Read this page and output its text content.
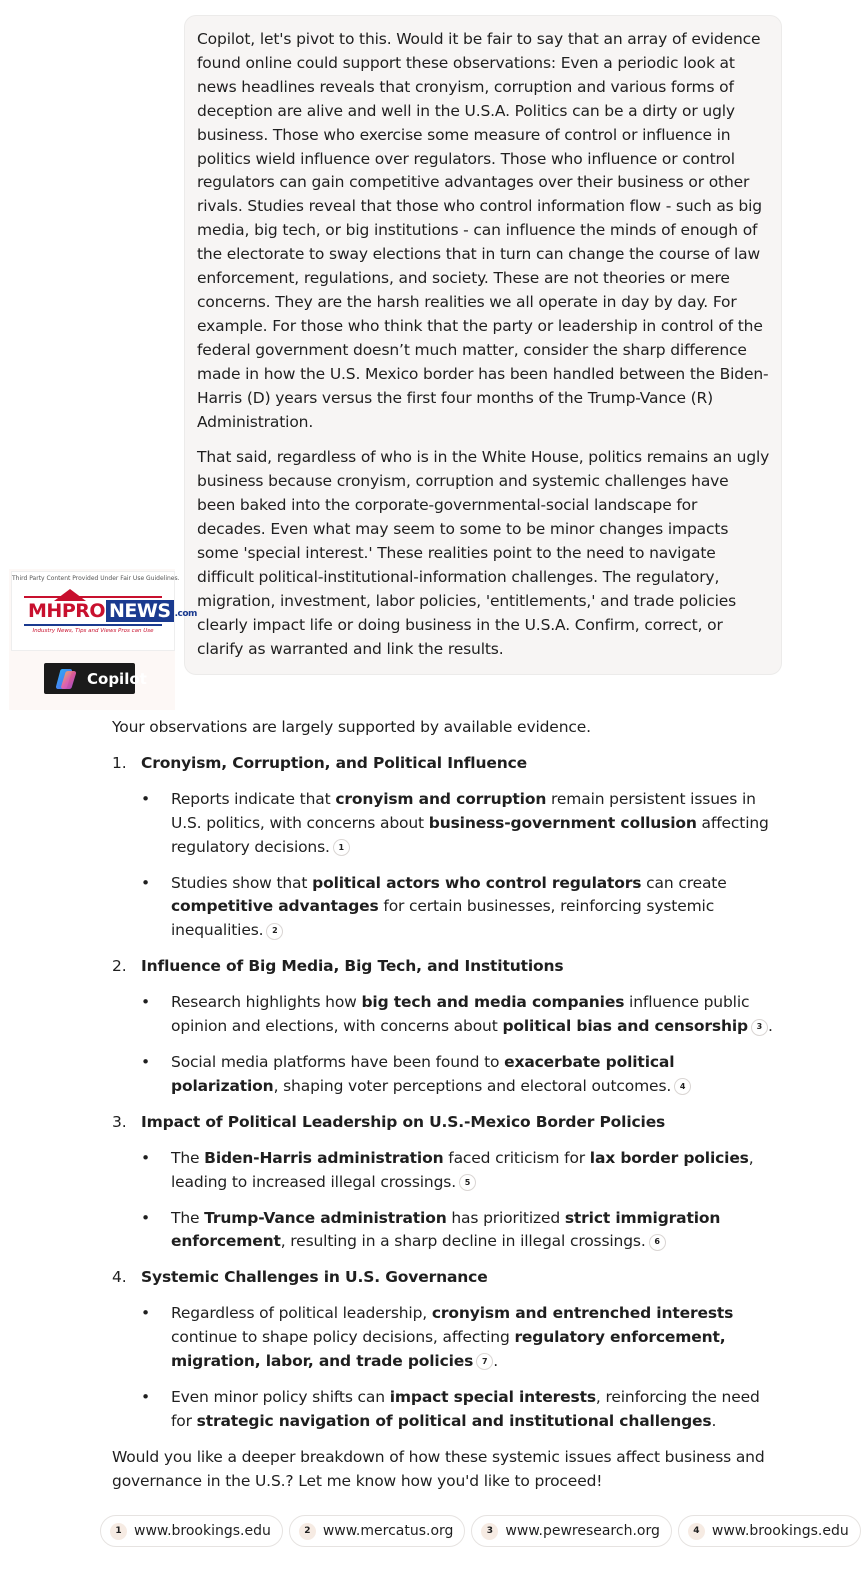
Copilot, let's pivot to this. Would it be fair to say that an array of evidence found online could support these observations: Even a periodic look at news headlines reveals that cronyism, corruption and various forms of deception are alive and well in the U.S.A. Politics can be a dirty or ugly business. Those who exercise some measure of control or influence in politics wield influence over regulators. Those who influence or control regulators can gain competitive advantages over their business or other rivals. Studies reveal that those who control information flow - such as big media, big tech, or big institutions - can influence the minds of enough of the electorate to sway elections that in turn can change the course of law enforcement, regulations, and society. These are not theories or mere concerns. They are the harsh realities we all operate in day by day. For example. For those who think that the party or leadership in control of the federal government doesn’t much matter, consider the sharp difference made in how the U.S. Mexico border has been handled between the Biden-Harris (D) years versus the first four months of the Trump-Vance (R) Administration.

That said, regardless of who is in the White House, politics remains an ugly business because cronyism, corruption and systemic challenges have been baked into the corporate-governmental-social landscape for decades. Even what may seem to some to be minor changes impacts some 'special interest.' These realities point to the need to navigate difficult political-institutional-information challenges. The regulatory, migration, investment, labor policies, 'entitlements,' and trade policies clearly impact life or doing business in the U.S.A. Confirm, correct, or clarify as warranted and link the results.

Third Party Content Provided Under Fair Use Guidelines.
MH PRO NEWS .com
Industry News, Tips and Views Pros can Use
Copilot

Your observations are largely supported by available evidence.

1. Cronyism, Corruption, and Political Influence
• Reports indicate that cronyism and corruption remain persistent issues in U.S. politics, with concerns about business-government collusion affecting regulatory decisions. 1
• Studies show that political actors who control regulators can create competitive advantages for certain businesses, reinforcing systemic inequalities. 2
2. Influence of Big Media, Big Tech, and Institutions
• Research highlights how big tech and media companies influence public opinion and elections, with concerns about political bias and censorship 3 .
• Social media platforms have been found to exacerbate political polarization, shaping voter perceptions and electoral outcomes. 4
3. Impact of Political Leadership on U.S.-Mexico Border Policies
• The Biden-Harris administration faced criticism for lax border policies, leading to increased illegal crossings. 5
• The Trump-Vance administration has prioritized strict immigration enforcement, resulting in a sharp decline in illegal crossings. 6
4. Systemic Challenges in U.S. Governance
• Regardless of political leadership, cronyism and entrenched interests continue to shape policy decisions, affecting regulatory enforcement, migration, labor, and trade policies 7 .
• Even minor policy shifts can impact special interests, reinforcing the need for strategic navigation of political and institutional challenges.

Would you like a deeper breakdown of how these systemic issues affect business and governance in the U.S.? Let me know how you'd like to proceed!

1 www.brookings.edu	2 www.mercatus.org	3 www.pewresearch.org	4 www.brookings.edu
